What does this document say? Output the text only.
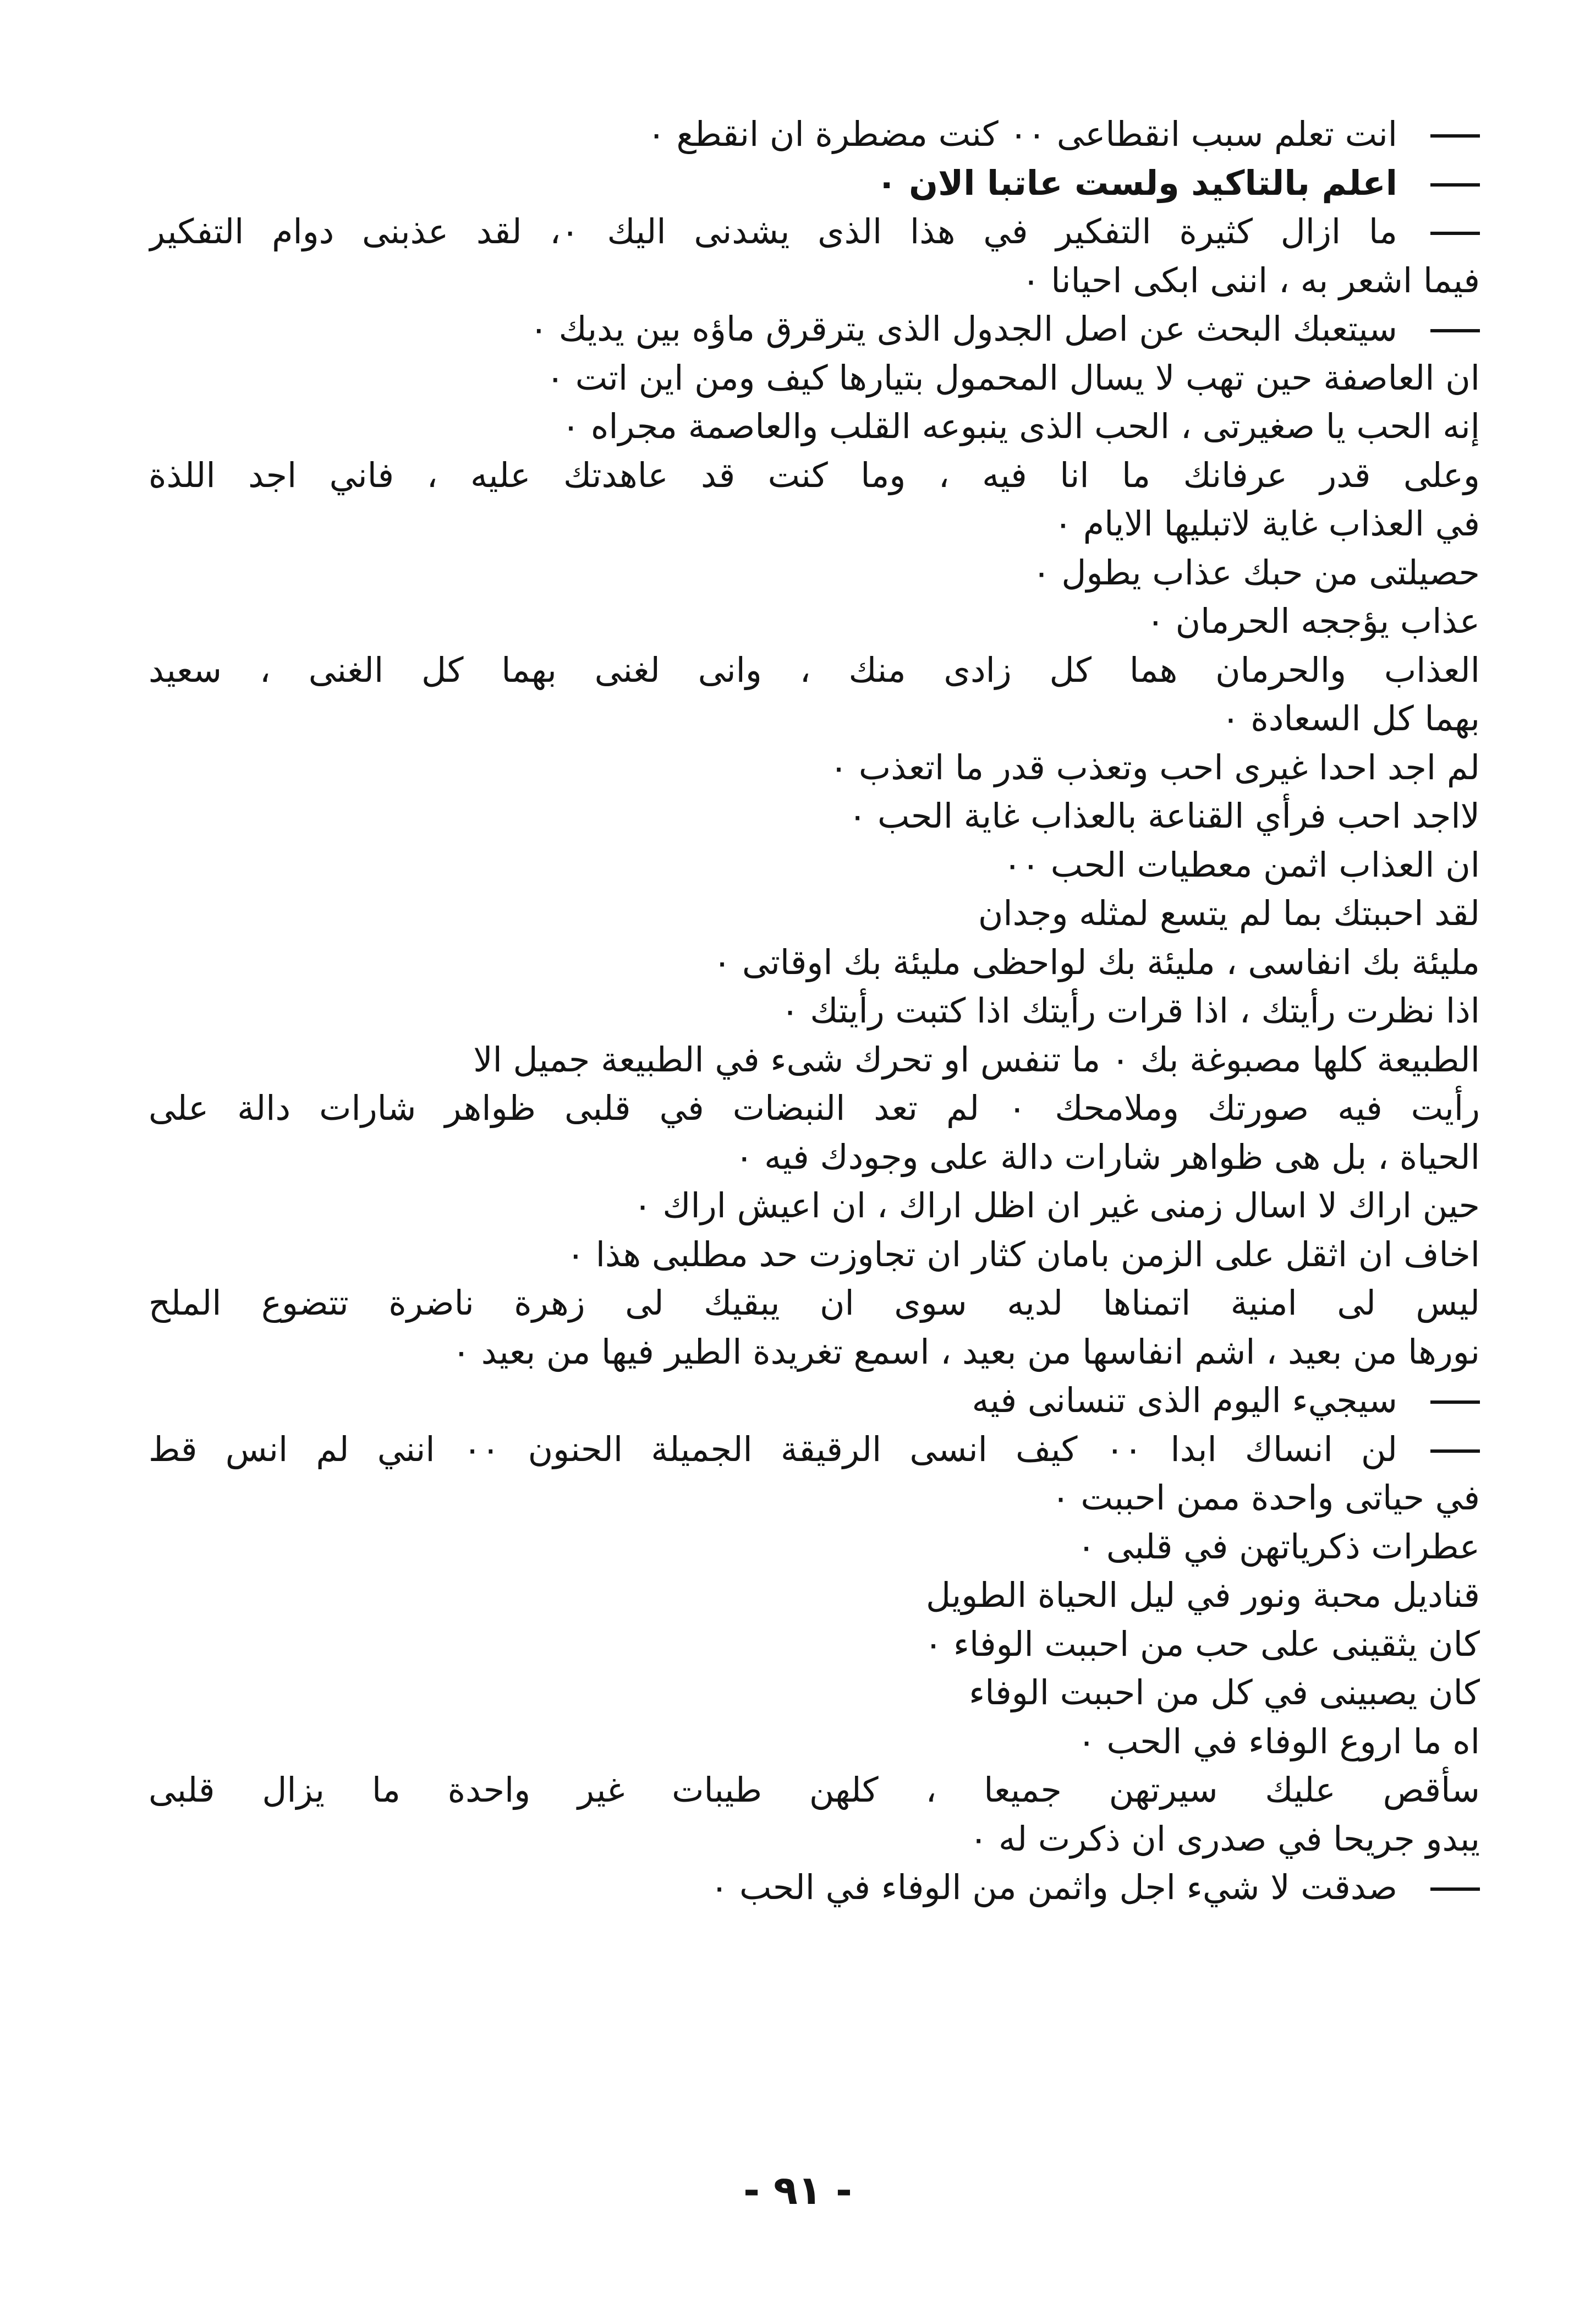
انت تعلم سبب انقطاعى ٠٠ كنت مضطرة ان انقطع ٠
اعلم بالتاكيد ولست عاتبا الان ٠
ما ازال كثيرة التفكير في هذا الذى يشدنى اليك ٠، لقد عذبنى دوام التفكير
فيما اشعر به ، اننى ابكى احيانا ٠
سيتعبك البحث عن اصل الجدول الذى يترقرق ماؤه بين يديك ٠
ان العاصفة حين تهب لا يسال المحمول بتيارها كيف ومن اين اتت ٠
إنه الحب يا صغيرتى ، الحب الذى ينبوعه القلب والعاصمة مجراه ٠
وعلى قدر عرفانك ما انا فيه ، وما كنت قد عاهدتك عليه ، فاني اجد اللذة
في العذاب غاية لاتبليها الايام ٠
حصيلتى من حبك عذاب يطول ٠
عذاب يؤججه الحرمان ٠
العذاب والحرمان هما كل زادى منك ، وانى لغنى بهما كل الغنى ، سعيد
بهما كل السعادة ٠
لم اجد احدا غيرى احب وتعذب قدر ما اتعذب ٠
لااجد احب فرأي القناعة بالعذاب غاية الحب ٠
ان العذاب اثمن معطيات الحب ٠٠
لقد احببتك بما لم يتسع لمثله وجدان
مليئة بك انفاسى ، مليئة بك لواحظى مليئة بك اوقاتى ٠
اذا نظرت رأيتك ، اذا قرات رأيتك اذا كتبت رأيتك ٠
الطبيعة كلها مصبوغة بك ٠ ما تنفس او تحرك شىء في الطبيعة جميل الا
رأيت فيه صورتك وملامحك ٠ لم تعد النبضات في قلبى ظواهر شارات دالة على
الحياة ، بل هى ظواهر شارات دالة على وجودك فيه ٠
حين اراك لا اسال زمنى غير ان اظل اراك ، ان اعيش اراك ٠
اخاف ان اثقل على الزمن بامان كثار ان تجاوزت حد مطلبى هذا ٠
ليس لى امنية اتمناها لديه سوى ان يبقيك لى زهرة ناضرة تتضوع الملح
نورها من بعيد ، اشم انفاسها من بعيد ، اسمع تغريدة الطير فيها من بعيد ٠
سيجيء اليوم الذى تنسانى فيه
لن انساك ابدا ٠٠ كيف انسى الرقيقة الجميلة الحنون ٠٠ انني لم انس قط
في حياتى واحدة ممن احببت ٠
عطرات ذكرياتهن في قلبى ٠
قناديل محبة ونور في ليل الحياة الطويل
كان يثقينى على حب من احببت الوفاء ٠
كان يصبينى في كل من احببت الوفاء
اه ما اروع الوفاء في الحب ٠
سأقص عليك سيرتهن جميعا ، كلهن طيبات غير واحدة ما يزال قلبى
يبدو جريحا في صدرى ان ذكرت له ٠
صدقت لا شيء اجل واثمن من الوفاء في الحب ٠
- ٩١ -
